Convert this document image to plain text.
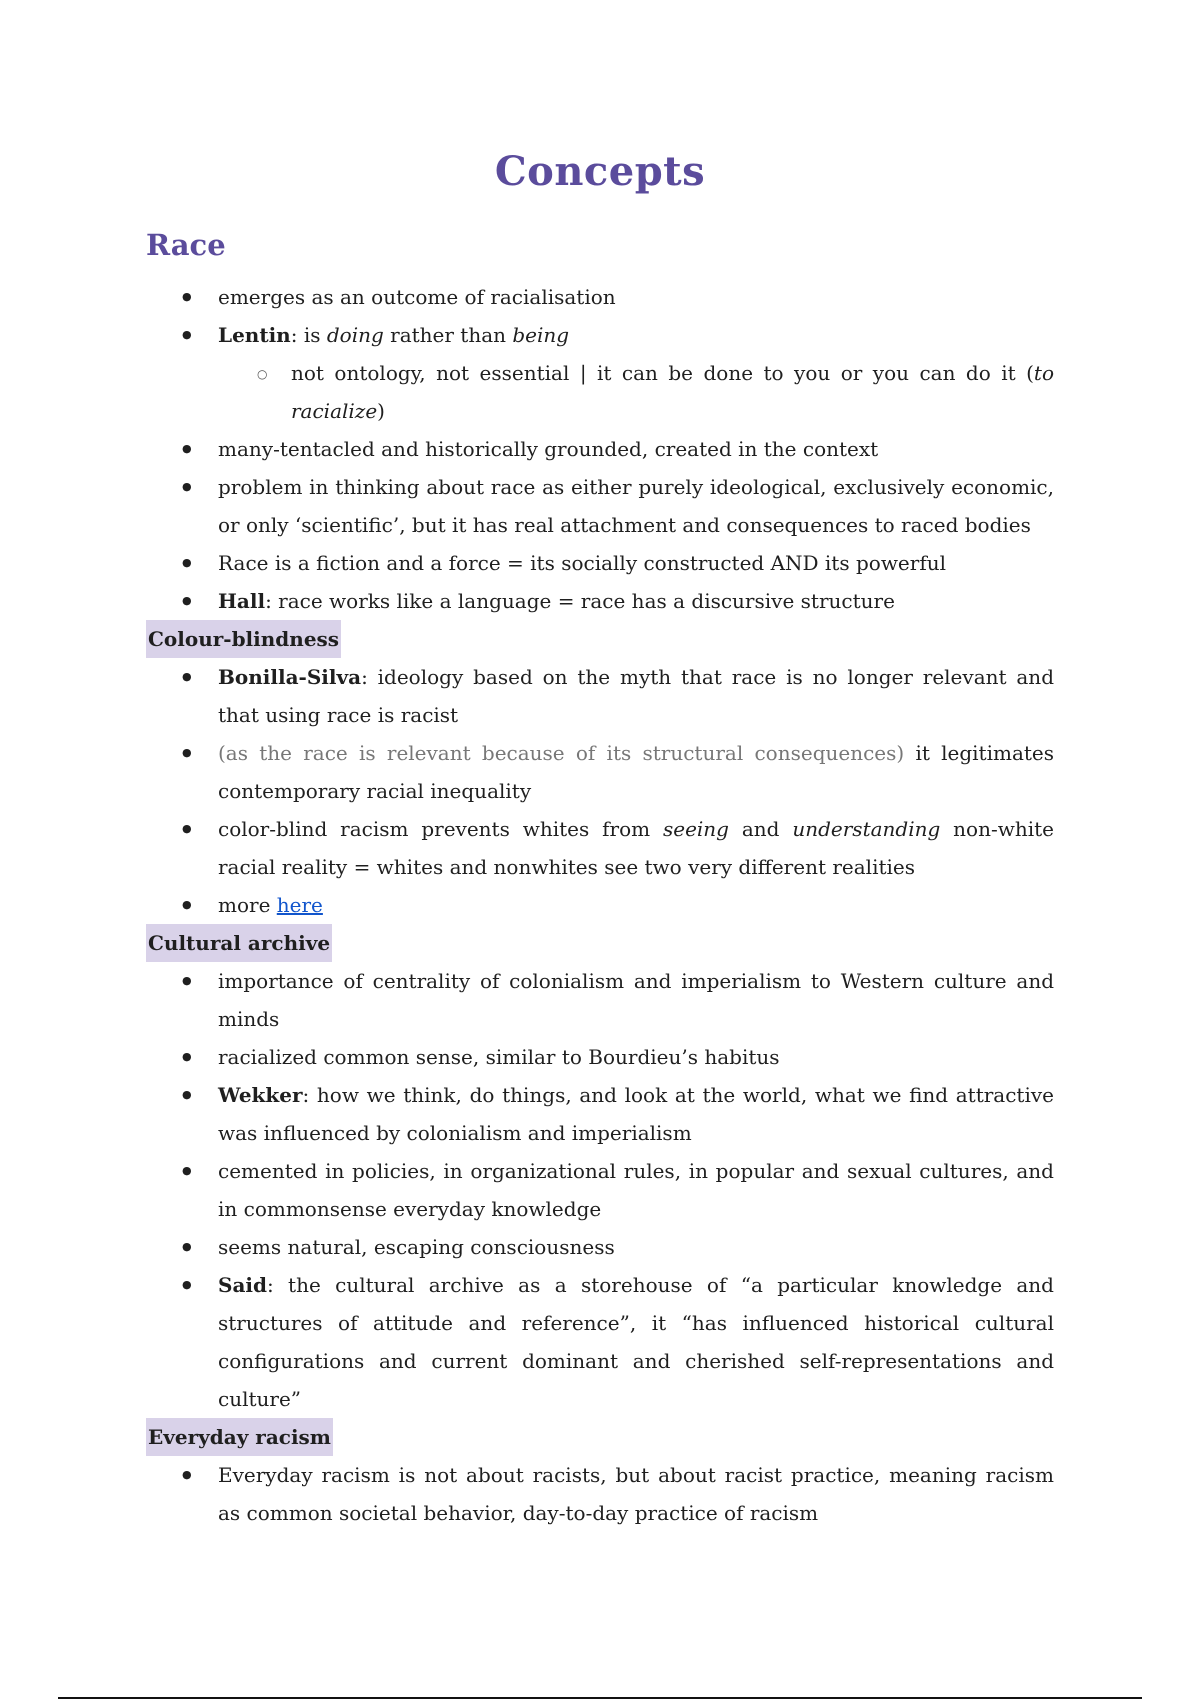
Concepts
Race
● emerges as an outcome of racialisation
● Lentin: is doing rather than being
○ not ontology, not essential | it can be done to you or you can do it (to racialize)
● many-tentacled and historically grounded, created in the context
● problem in thinking about race as either purely ideological, exclusively economic, or only ‘scientific’, but it has real attachment and consequences to raced bodies
● Race is a fiction and a force = its socially constructed AND its powerful
● Hall: race works like a language = race has a discursive structure
Colour-blindness
● Bonilla-Silva: ideology based on the myth that race is no longer relevant and that using race is racist
● (as the race is relevant because of its structural consequences) it legitimates contemporary racial inequality
● color-blind racism prevents whites from seeing and understanding non-white racial reality = whites and nonwhites see two very different realities
● more here
Cultural archive
● importance of centrality of colonialism and imperialism to Western culture and minds
● racialized common sense, similar to Bourdieu’s habitus
● Wekker: how we think, do things, and look at the world, what we find attractive was influenced by colonialism and imperialism
● cemented in policies, in organizational rules, in popular and sexual cultures, and in commonsense everyday knowledge
● seems natural, escaping consciousness
● Said: the cultural archive as a storehouse of “a particular knowledge and structures of attitude and reference”, it “has influenced historical cultural configurations and current dominant and cherished self-representations and culture”
Everyday racism
● Everyday racism is not about racists, but about racist practice, meaning racism as common societal behavior, day-to-day practice of racism
